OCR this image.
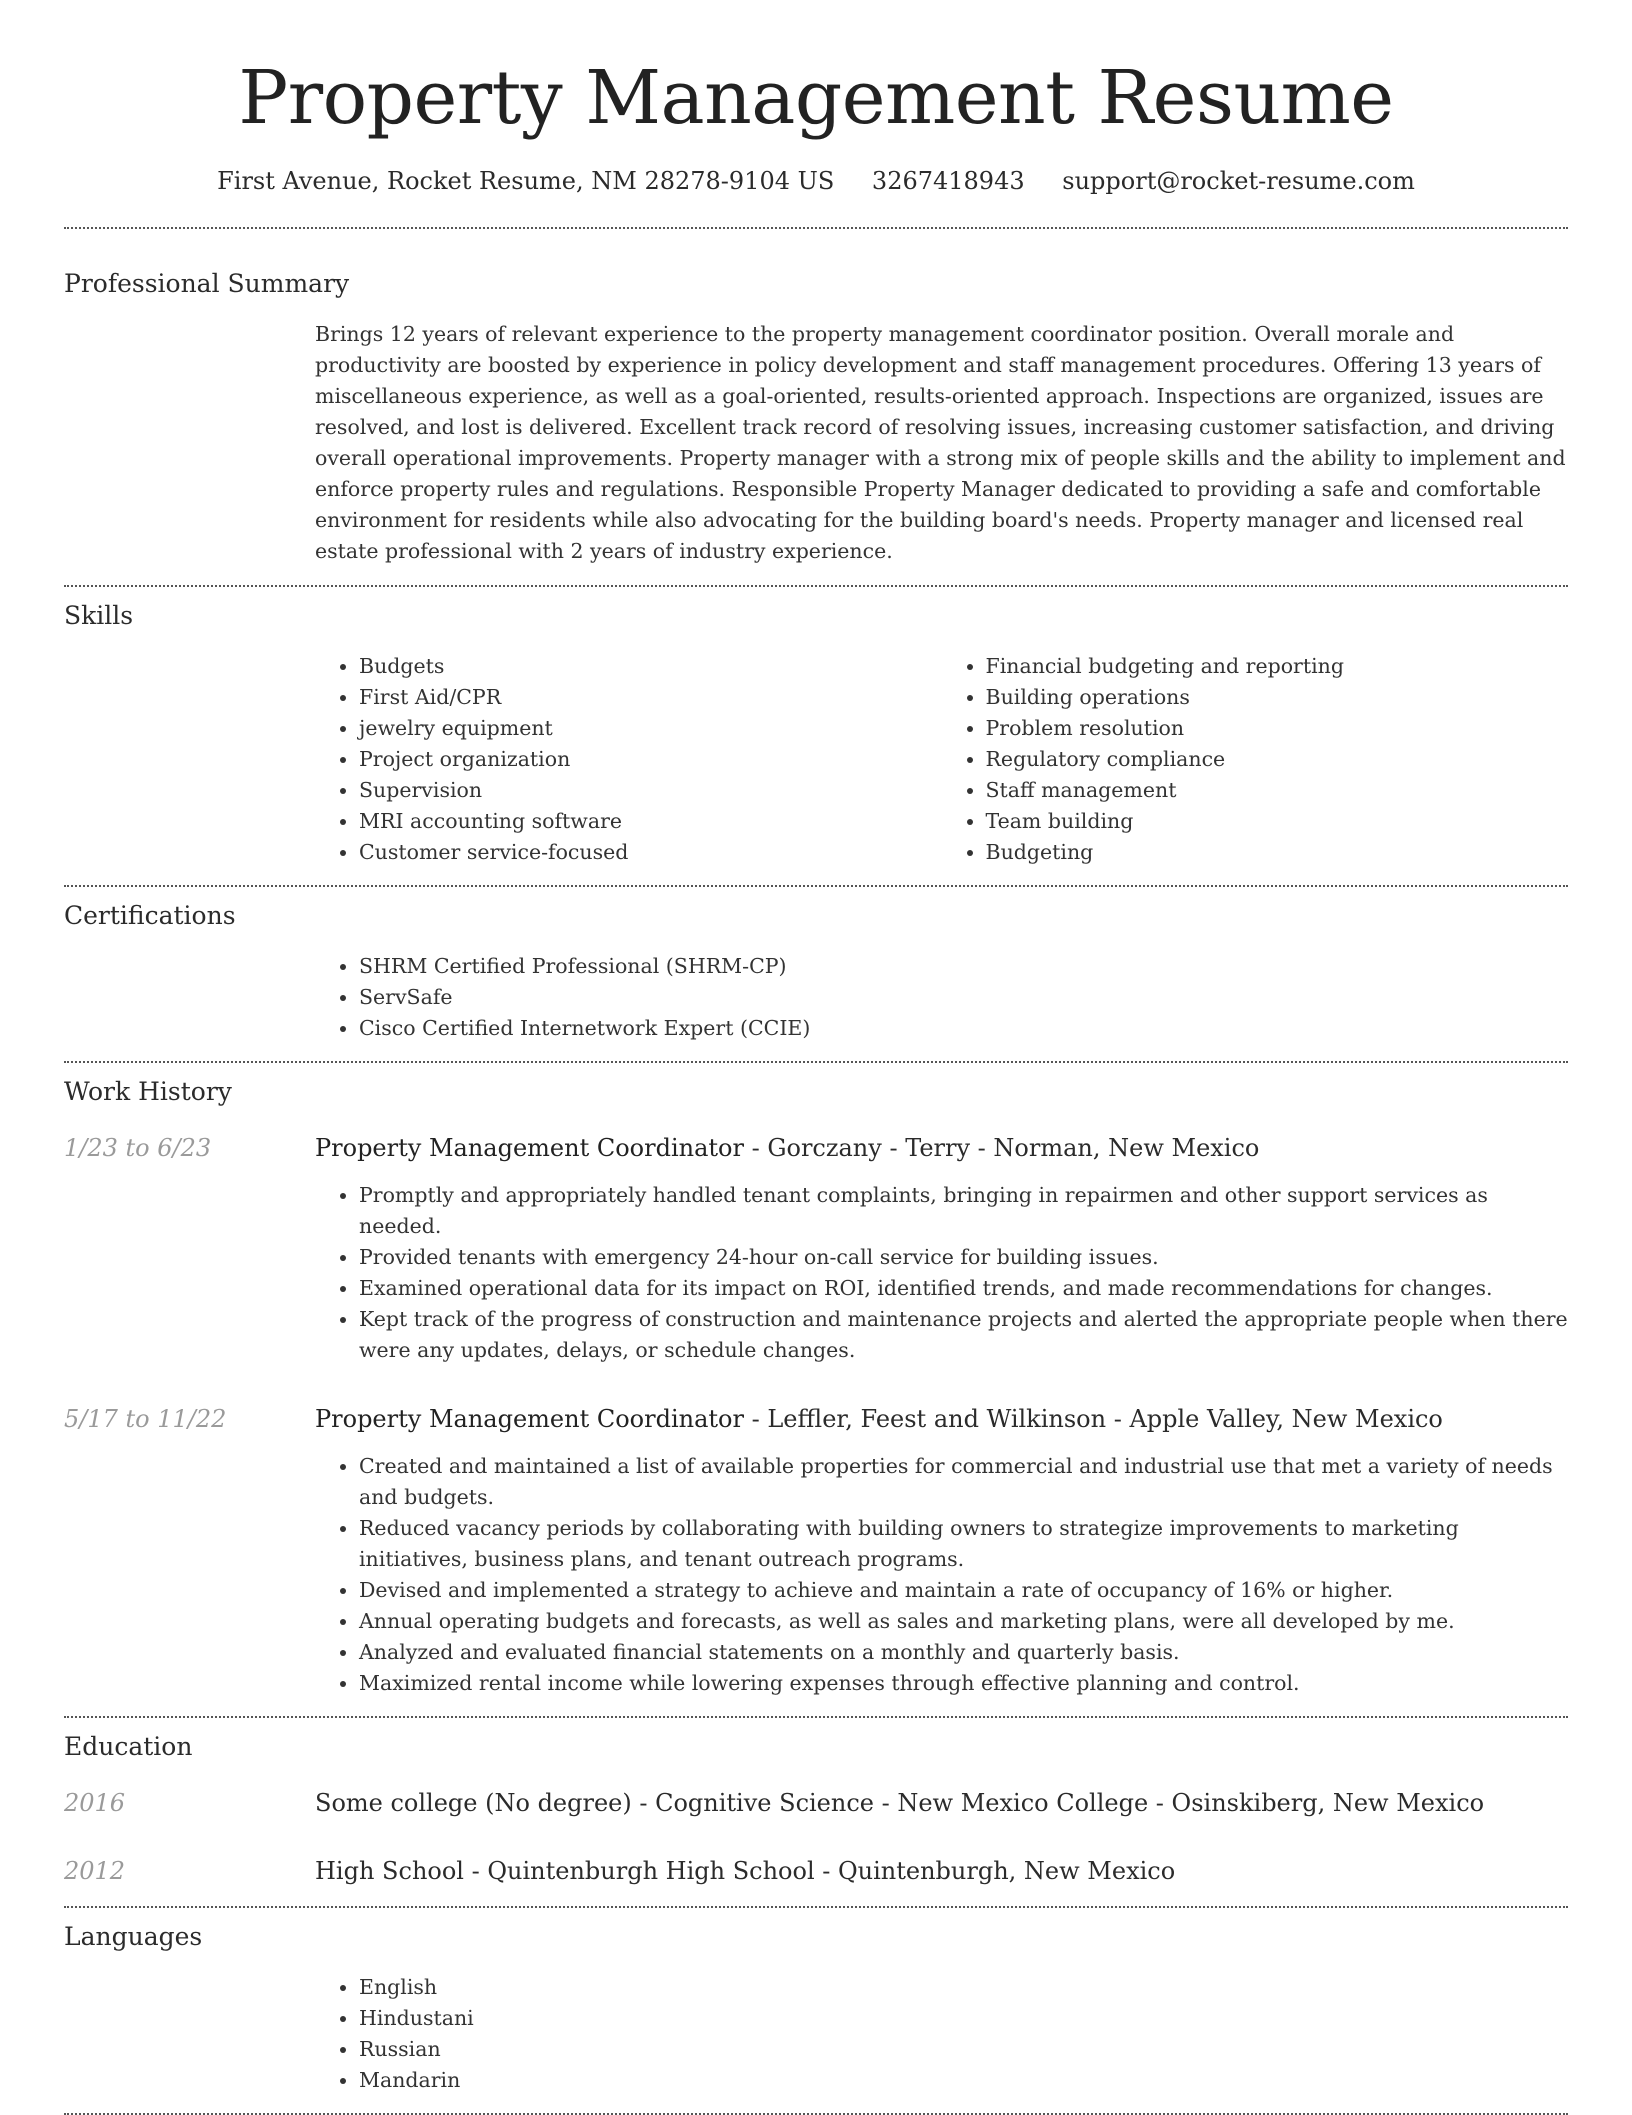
Property Management Resume
First Avenue, Rocket Resume, NM 28278-9104 US 3267418943 support@rocket-resume.com
Professional Summary

Brings 12 years of relevant experience to the property management coordinator position. Overall morale and productivity are boosted by experience in policy development and staff management procedures. Offering 13 years of miscellaneous experience, as well as a goal-oriented, results-oriented approach. Inspections are organized, issues are resolved, and lost is delivered. Excellent track record of resolving issues, increasing customer satisfaction, and driving overall operational improvements. Property manager with a strong mix of people skills and the ability to implement and enforce property rules and regulations. Responsible Property Manager dedicated to providing a safe and comfortable environment for residents while also advocating for the building board's needs. Property manager and licensed real estate professional with 2 years of industry experience.

Skills
• Budgets
• First Aid/CPR
• jewelry equipment
• Project organization
• Supervision
• MRI accounting software
• Customer service-focused
• Financial budgeting and reporting
• Building operations
• Problem resolution
• Regulatory compliance
• Staff management
• Team building
• Budgeting
Certifications
• SHRM Certified Professional (SHRM-CP)
• ServSafe
• Cisco Certified Internetwork Expert (CCIE)
Work History
1/23 to 6/23	Property Management Coordinator - Gorczany - Terry - Norman, New Mexico
• Promptly and appropriately handled tenant complaints, bringing in repairmen and other support services as needed.
• Provided tenants with emergency 24-hour on-call service for building issues.
• Examined operational data for its impact on ROI, identified trends, and made recommendations for changes.
• Kept track of the progress of construction and maintenance projects and alerted the appropriate people when there were any updates, delays, or schedule changes.
5/17 to 11/22	Property Management Coordinator - Leffler, Feest and Wilkinson - Apple Valley, New Mexico
• Created and maintained a list of available properties for commercial and industrial use that met a variety of needs and budgets.
• Reduced vacancy periods by collaborating with building owners to strategize improvements to marketing initiatives, business plans, and tenant outreach programs.
• Devised and implemented a strategy to achieve and maintain a rate of occupancy of 16% or higher.
• Annual operating budgets and forecasts, as well as sales and marketing plans, were all developed by me.
• Analyzed and evaluated financial statements on a monthly and quarterly basis.
• Maximized rental income while lowering expenses through effective planning and control.
Education
2016	Some college (No degree) - Cognitive Science - New Mexico College - Osinskiberg, New Mexico
2012	High School - Quintenburgh High School - Quintenburgh, New Mexico
Languages
• English
• Hindustani
• Russian
• Mandarin
